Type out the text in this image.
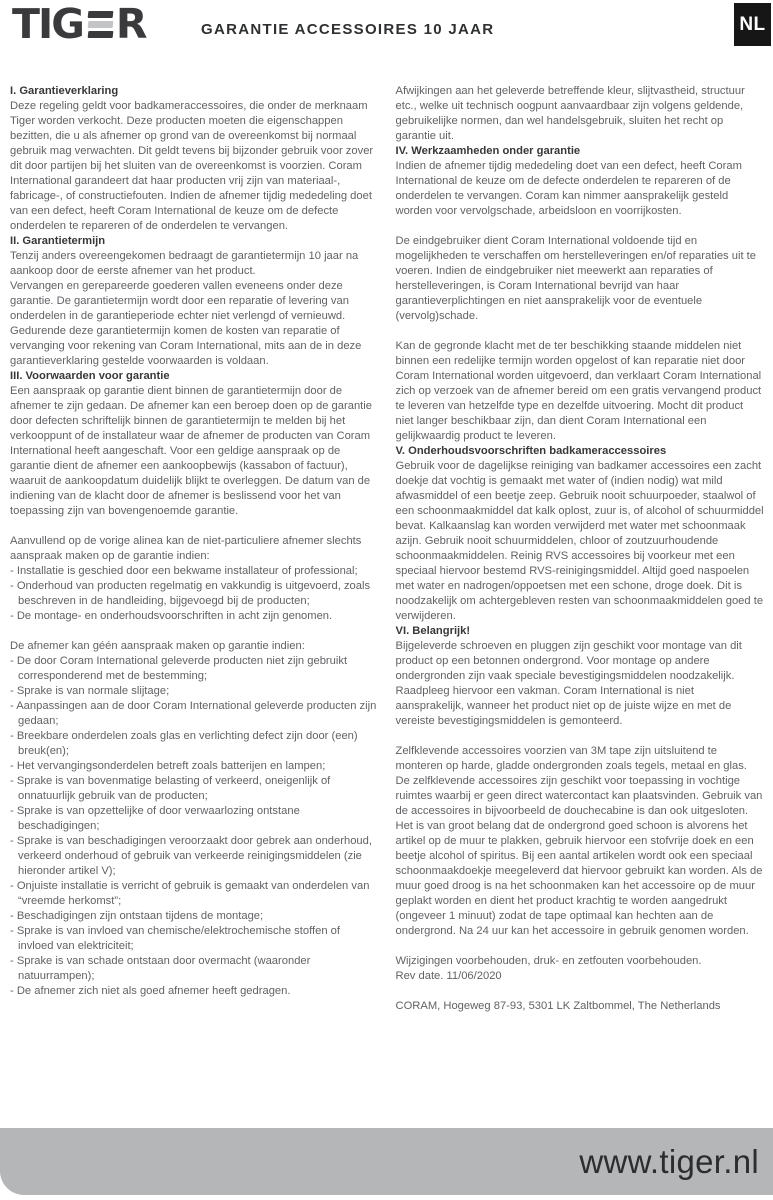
TIG R	GARANTIE ACCESSOIRES 10 JAAR	NL

I. Garantieverklaring

Deze regeling geldt voor badkameraccessoires, die onder de merknaam Tiger worden verkocht. Deze producten moeten die eigenschappen bezitten, die u als afnemer op grond van de overeenkomst bij normaal gebruik mag verwachten. Dit geldt tevens bij bijzonder gebruik voor zover dit door partijen bij het sluiten van de overeenkomst is voorzien. Coram International garandeert dat haar producten vrij zijn van materiaal-, fabricage-, of constructiefouten. Indien de afnemer tijdig mededeling doet van een defect, heeft Coram International de keuze om de defecte onderdelen te repareren of de onderdelen te vervangen.

II. Garantietermijn

Tenzij anders overeengekomen bedraagt de garantietermijn 10 jaar na aankoop door de eerste afnemer van het product.

Vervangen en gerepareerde goederen vallen eveneens onder deze garantie. De garantietermijn wordt door een reparatie of levering van onderdelen in de garantieperiode echter niet verlengd of vernieuwd.

Gedurende deze garantietermijn komen de kosten van reparatie of vervanging voor rekening van Coram International, mits aan de in deze garantieverklaring gestelde voorwaarden is voldaan.

III. Voorwaarden voor garantie

Een aanspraak op garantie dient binnen de garantietermijn door de afnemer te zijn gedaan. De afnemer kan een beroep doen op de garantie door defecten schriftelijk binnen de garantietermijn te melden bij het verkooppunt of de installateur waar de afnemer de producten van Coram International heeft aangeschaft. Voor een geldige aanspraak op de garantie dient de afnemer een aankoopbewijs (kassabon of factuur), waaruit de aankoopdatum duidelijk blijkt te overleggen. De datum van de indiening van de klacht door de afnemer is beslissend voor het van toepassing zijn van bovengenoemde garantie.

Aanvullend op de vorige alinea kan de niet-particuliere afnemer slechts aanspraak maken op de garantie indien:

- Installatie is geschied door een bekwame installateur of professional;
- Onderhoud van producten regelmatig en vakkundig is uitgevoerd, zoals beschreven in de handleiding, bijgevoegd bij de producten;
- De montage- en onderhoudsvoorschriften in acht zijn genomen.

De afnemer kan géén aanspraak maken op garantie indien:

- De door Coram International geleverde producten niet zijn gebruikt corresponderend met de bestemming;
- Sprake is van normale slijtage;
- Aanpassingen aan de door Coram International geleverde producten zijn gedaan;
- Breekbare onderdelen zoals glas en verlichting defect zijn door (een) breuk(en);
- Het vervangingsonderdelen betreft zoals batterijen en lampen;
- Sprake is van bovenmatige belasting of verkeerd, oneigenlijk of onnatuurlijk gebruik van de producten;
- Sprake is van opzettelijke of door verwaarlozing ontstane beschadigingen;
- Sprake is van beschadigingen veroorzaakt door gebrek aan onderhoud, verkeerd onderhoud of gebruik van verkeerde reinigingsmiddelen (zie hieronder artikel V);
- Onjuiste installatie is verricht of gebruik is gemaakt van onderdelen van “vreemde herkomst”;
- Beschadigingen zijn ontstaan tijdens de montage;
- Sprake is van invloed van chemische/elektrochemische stoffen of invloed van elektriciteit;
- Sprake is van schade ontstaan door overmacht (waaronder natuurrampen);
- De afnemer zich niet als goed afnemer heeft gedragen.

Afwijkingen aan het geleverde betreffende kleur, slijtvastheid, structuur etc., welke uit technisch oogpunt aanvaardbaar zijn volgens geldende, gebruikelijke normen, dan wel handelsgebruik, sluiten het recht op garantie uit.

IV. Werkzaamheden onder garantie

Indien de afnemer tijdig mededeling doet van een defect, heeft Coram International de keuze om de defecte onderdelen te repareren of de onderdelen te vervangen. Coram kan nimmer aansprakelijk gesteld worden voor vervolgschade, arbeidsloon en voorrijkosten.

De eindgebruiker dient Coram International voldoende tijd en mogelijkheden te verschaffen om herstelleveringen en/of reparaties uit te voeren. Indien de eindgebruiker niet meewerkt aan reparaties of herstelleveringen, is Coram International bevrijd van haar garantieverplichtingen en niet aansprakelijk voor de eventuele (vervolg)schade.

Kan de gegronde klacht met de ter beschikking staande middelen niet binnen een redelijke termijn worden opgelost of kan reparatie niet door Coram International worden uitgevoerd, dan verklaart Coram International zich op verzoek van de afnemer bereid om een gratis vervangend product te leveren van hetzelfde type en dezelfde uitvoering. Mocht dit product niet langer beschikbaar zijn, dan dient Coram International een gelijkwaardig product te leveren.

V. Onderhoudsvoorschriften badkameraccessoires

Gebruik voor de dagelijkse reiniging van badkamer accessoires een zacht doekje dat vochtig is gemaakt met water of (indien nodig) wat mild afwasmiddel of een beetje zeep. Gebruik nooit schuurpoeder, staalwol of een schoonmaakmiddel dat kalk oplost, zuur is, of alcohol of schuurmiddel bevat. Kalkaanslag kan worden verwijderd met water met schoonmaak azijn. Gebruik nooit schuurmiddelen, chloor of zoutzuurhoudende schoonmaakmiddelen. Reinig RVS accessoires bij voorkeur met een speciaal hiervoor bestemd RVS-reinigingsmiddel. Altijd goed naspoelen met water en nadrogen/oppoetsen met een schone, droge doek. Dit is noodzakelijk om achtergebleven resten van schoonmaakmiddelen goed te verwijderen.

VI. Belangrijk!

Bijgeleverde schroeven en pluggen zijn geschikt voor montage van dit product op een betonnen ondergrond. Voor montage op andere ondergronden zijn vaak speciale bevestigingsmiddelen noodzakelijk. Raadpleeg hiervoor een vakman. Coram International is niet aansprakelijk, wanneer het product niet op de juiste wijze en met de vereiste bevestigingsmiddelen is gemonteerd.

Zelfklevende accessoires voorzien van 3M tape zijn uitsluitend te monteren op harde, gladde ondergronden zoals tegels, metaal en glas. De zelfklevende accessoires zijn geschikt voor toepassing in vochtige ruimtes waarbij er geen direct watercontact kan plaatsvinden. Gebruik van de accessoires in bijvoorbeeld de douchecabine is dan ook uitgesloten. Het is van groot belang dat de ondergrond goed schoon is alvorens het artikel op de muur te plakken, gebruik hiervoor een stofvrije doek en een beetje alcohol of spiritus. Bij een aantal artikelen wordt ook een speciaal schoonmaakdoekje meegeleverd dat hiervoor gebruikt kan worden. Als de muur goed droog is na het schoonmaken kan het accessoire op de muur geplakt worden en dient het product krachtig te worden aangedrukt (ongeveer 1 minuut) zodat de tape optimaal kan hechten aan de ondergrond. Na 24 uur kan het accessoire in gebruik genomen worden.

Wijzigingen voorbehouden, druk- en zetfouten voorbehouden.

Rev date. 11/06/2020

CORAM, Hogeweg 87-93, 5301 LK Zaltbommel, The Netherlands

www.tiger.nl
